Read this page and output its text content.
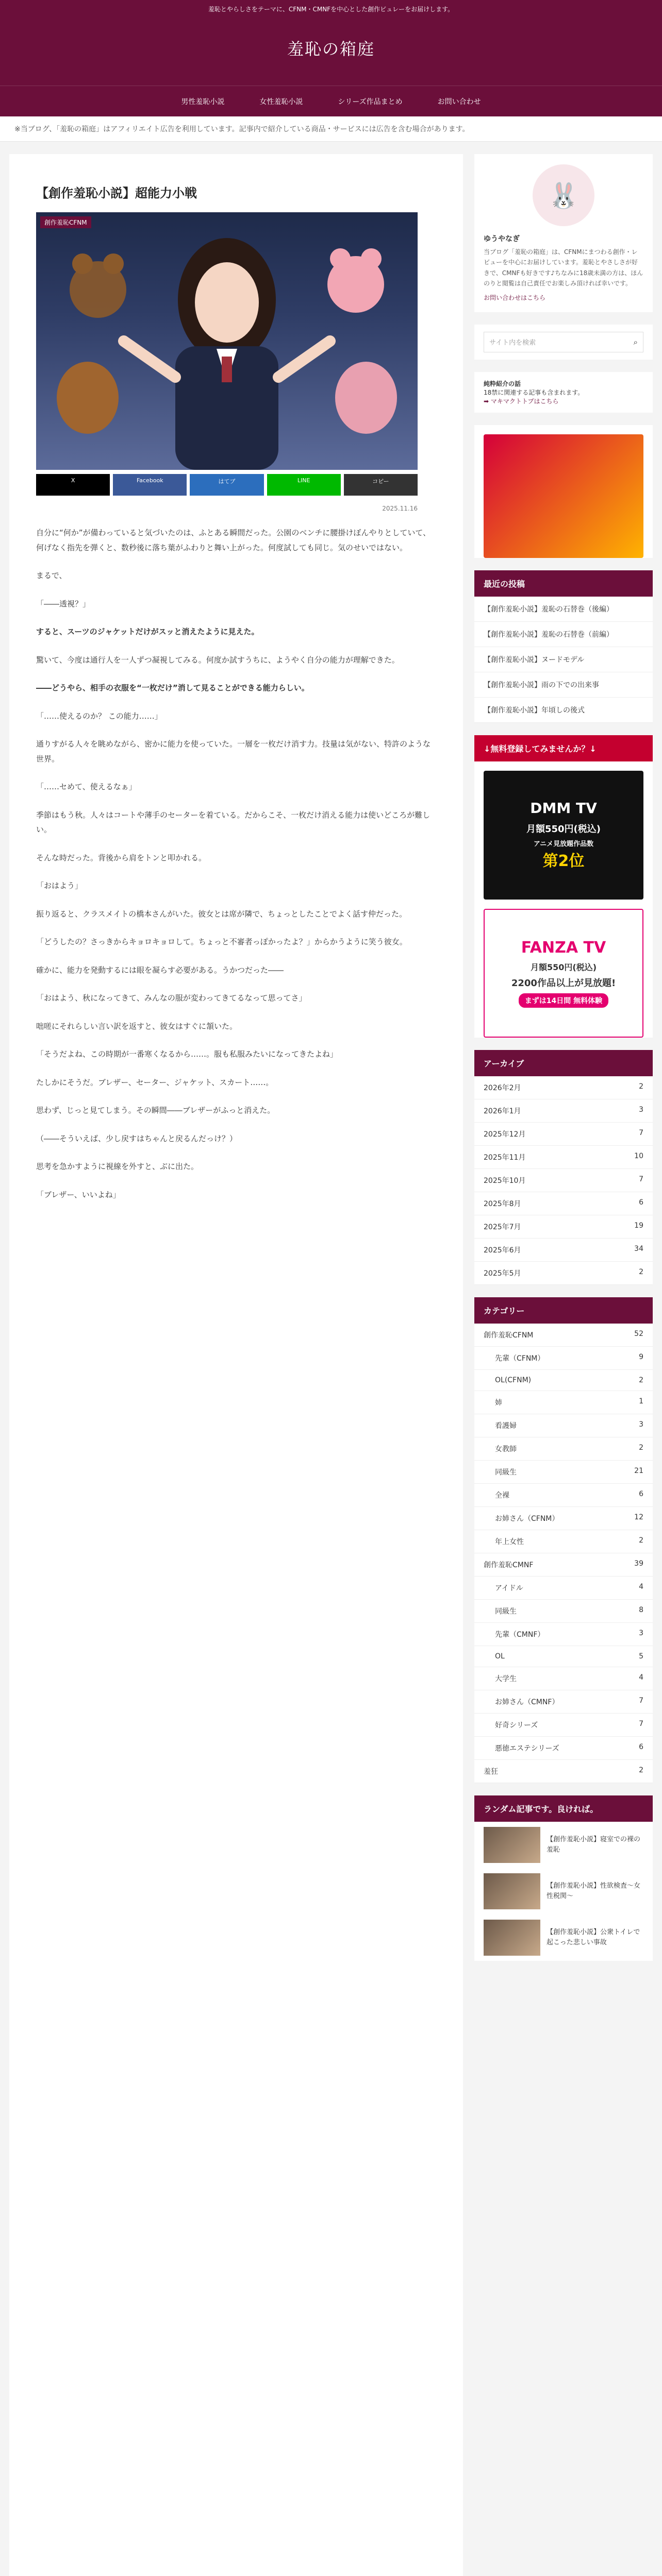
羞恥とやらしさをテーマに、CFNM・CMNFを中心とした創作ビュレーをお届けします。
羞恥の箱庭
男性羞恥小説	女性羞恥小説	シリーズ作品まとめ	お問い合わせ
※当ブログ、「羞恥の箱庭」はアフィリエイト広告を利用しています。記事内で紹介している商品・サービスには広告を含む場合があります。
【創作羞恥小説】超能力小戦
創作羞恥CFNM
X	Facebook	はてブ	LINE	コピー
2025.11.16

自分に“何か”が備わっていると気づいたのは、ふとある瞬間だった。公園のベンチに腰掛けぼんやりとしていて、何げなく指先を弾くと、数秒後に落ち葉がふわりと舞い上がった。何度試しても同じ。気のせいではない。

まるで、

「――透視？」

すると、スーツのジャケットだけがスッと消えたように見えた。

驚いて、今度は通行人を一人ずつ凝視してみる。何度か試すうちに、ようやく自分の能力が理解できた。

――どうやら、相手の衣服を“一枚だけ”消して見ることができる能力らしい。

「……使えるのか？ この能力……」

通りすがる人々を眺めながら、密かに能力を使っていた。一層を一枚だけ消す力。技量は気がない、特許のような世界。

「……セめて、使えるなぁ」

季節はもう秋。人々はコートや薄手のセーターを着ている。だからこそ、一枚だけ消える能力は使いどころが難しい。

そんな時だった。背後から肩をトンと叩かれる。

「おはよう」

振り返ると、クラスメイトの橋本さんがいた。彼女とは席が隣で、ちょっとしたことでよく話す仲だった。

「どうしたの？さっきからキョロキョロして。ちょっと不審者っぽかったよ？」からかうように笑う彼女。

確かに、能力を発動するには眼を凝らす必要がある。うかつだった――

「おはよう、秋になってきて、みんなの服が変わってきてるなって思ってさ」

咄嗟にそれらしい言い訳を返すと、彼女はすぐに頷いた。

「そうだよね、この時期が一番寒くなるから……。服も私服みたいになってきたよね」

たしかにそうだ。ブレザー、セーター、ジャケット、スカート……。

思わず、じっと見てしまう。その瞬間――ブレザーがふっと消えた。

（――そういえば、少し戻すはちゃんと戻るんだっけ？）

思考を急かすように視線を外すと、ぶに出た。

「ブレザー、いいよね」

🐰
ゆうやなぎ
当ブログ「羞恥の箱庭」は、CFNMにまつわる創作・レビューを中心にお届けしています。羞恥とやさしさが好きで、CMNFも好きです♪ちなみに18歳未満の方は、ほんのりと閲覧は自己責任でお楽しみ頂ければ幸いです。
お問い合わせはこちら
サイト内を検索	⌕
純粋紹介の話
18禁に関連する記事も含まれます。
➡ マキマクトトプはこちら
最近の投稿
【創作羞恥小説】羞恥の石替巻（後編）
【創作羞恥小説】羞恥の石替巻（前編）
【創作羞恥小説】ヌードモデル
【創作羞恥小説】雨の下での出来事
【創作羞恥小説】年頃しの後式
↓無料登録してみませんか？↓
DMM TV
月額550円(税込)
アニメ見放題作品数
第2位
FANZA TV
月額550円(税込)
2200作品以上が見放題!
まずは14日間 無料体験
アーカイブ
2026年2月	2
2026年1月	3
2025年12月	7
2025年11月	10
2025年10月	7
2025年8月	6
2025年7月	19
2025年6月	34
2025年5月	2
カテゴリー
創作羞恥CFNM	52
先輩（CFNM）	9
OL(CFNM)	2
姉	1
看護婦	3
女教師	2
同級生	21
全裸	6
お姉さん（CFNM）	12
年上女性	2
創作羞恥CMNF	39
アイドル	4
同級生	8
先輩（CMNF）	3
OL	5
大学生	4
お姉さん（CMNF）	7
好奇シリーズ	7
悪徳エステシリーズ	6
羞狂	2
ランダム記事です。良ければ。
【創作羞恥小説】寝室での裸の羞恥
【創作羞恥小説】性欲検査～女性税関～
【創作羞恥小説】公衆トイレで起こった悲しい事故
